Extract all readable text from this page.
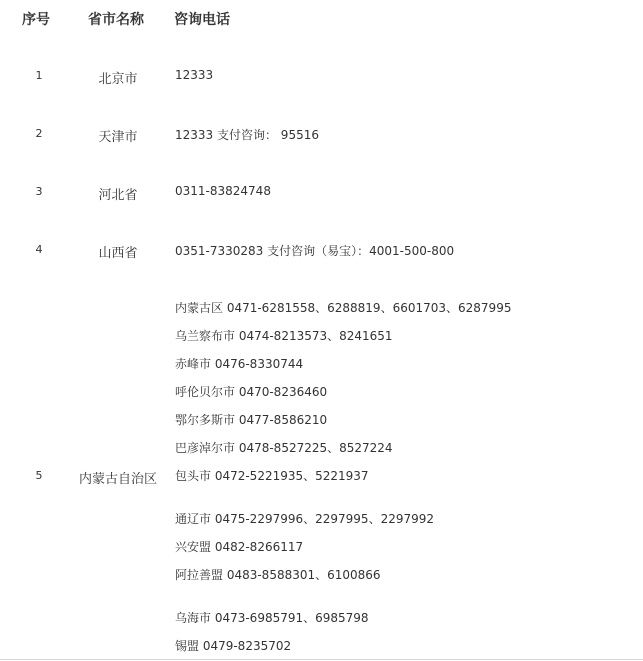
序号	省市名称 咨询电话
1	北京市	12333
2	天津市	12333 支付咨询： 95516
3	河北省	0311-83824748
4	山西省	0351-7330283 支付咨询（易宝）：4001-500-800
5	内蒙古自治区
内蒙古区 0471-6281558、6288819、6601703、6287995
乌兰察布市 0474-8213573、8241651
赤峰市 0476-8330744
呼伦贝尔市 0470-8236460
鄂尔多斯市 0477-8586210
巴彦淖尔市 0478-8527225、8527224
包头市 0472-5221935、5221937
通辽市 0475-2297996、2297995、2297992
兴安盟 0482-8266117
阿拉善盟 0483-8588301、6100866
乌海市 0473-6985791、6985798
锡盟 0479-8235702
